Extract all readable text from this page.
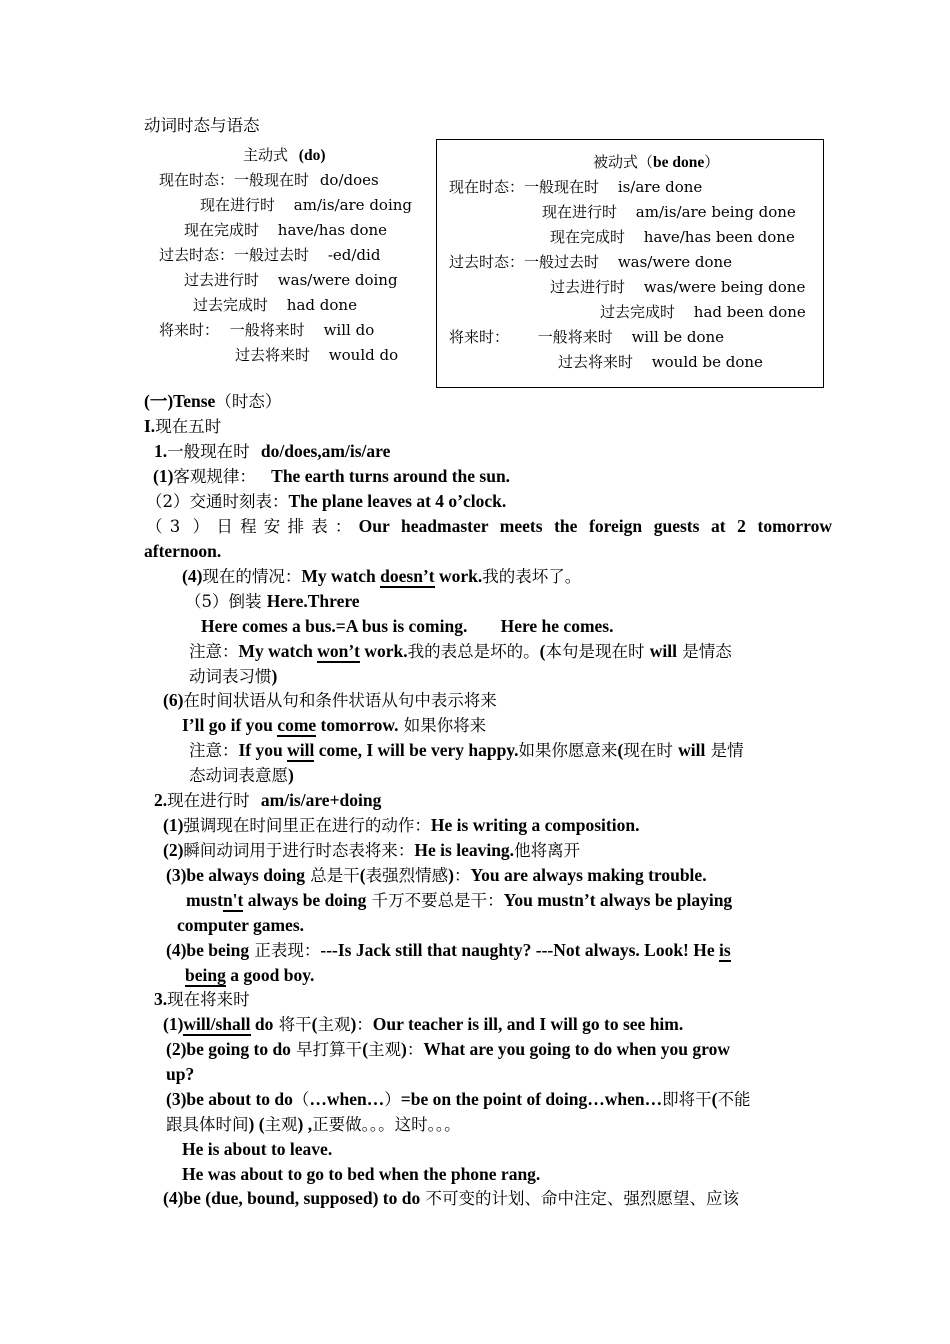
动词时态与语态
主动式 (do)
现在时态：一般现在时 do/does
现在进行时 am/is/are doing
现在完成时 have/has done
过去时态：一般过去时 -ed/did
过去进行时 was/were doing
过去完成时 had done
将来时： 一般将来时 will do
过去将来时 would do
被动式（be done）
现在时态：一般现在时 is/are done
现在进行时 am/is/are being done
现在完成时 have/has been done
过去时态：一般过去时 was/were done
过去进行时 was/were being done
过去完成时 had been done
将来时： 一般将来时 will be done
过去将来时 would be done
(一)Tense（时态）
I.现在五时
1.一般现在时 do/does,am/is/are
(1)客观规律： The earth turns around the sun.
（2）交通时刻表：The plane leaves at 4 o’clock.
（3 ）日程安排表：Our headmaster meets the foreign guests at 2 tomorrow
afternoon.
(4)现在的情况：My watch doesn’t work.我的表坏了。
（5）倒装 Here.Threre
Here comes a bus.=A bus is coming. Here he comes.
注意：My watch won’t work.我的表总是坏的。(本句是现在时 will 是情态
动词表习惯)
(6)在时间状语从句和条件状语从句中表示将来
I’ll go if you come tomorrow. 如果你将来
注意：If you will come, I will be very happy.如果你愿意来(现在时 will 是情
态动词表意愿)
2.现在进行时 am/is/are+doing
(1)强调现在时间里正在进行的动作：He is writing a composition.
(2)瞬间动词用于进行时态表将来：He is leaving.他将离开
(3)be always doing 总是干(表强烈情感)：You are always making trouble.
mustn't always be doing 千万不要总是干：You mustn’t always be playing
computer games.
(4)be being 正表现：---Is Jack still that naughty? ---Not always. Look! He is
being a good boy.
3.现在将来时
(1)will/shall do 将干(主观)：Our teacher is ill, and I will go to see him.
(2)be going to do 早打算干(主观)：What are you going to do when you grow
up?
(3)be about to do（…when…）=be on the point of doing…when…即将干(不能
跟具体时间) (主观) ,正要做。。。这时。。。
He is about to leave.
He was about to go to bed when the phone rang.
(4)be (due, bound, supposed) to do 不可变的计划、命中注定、强烈愿望、应该
